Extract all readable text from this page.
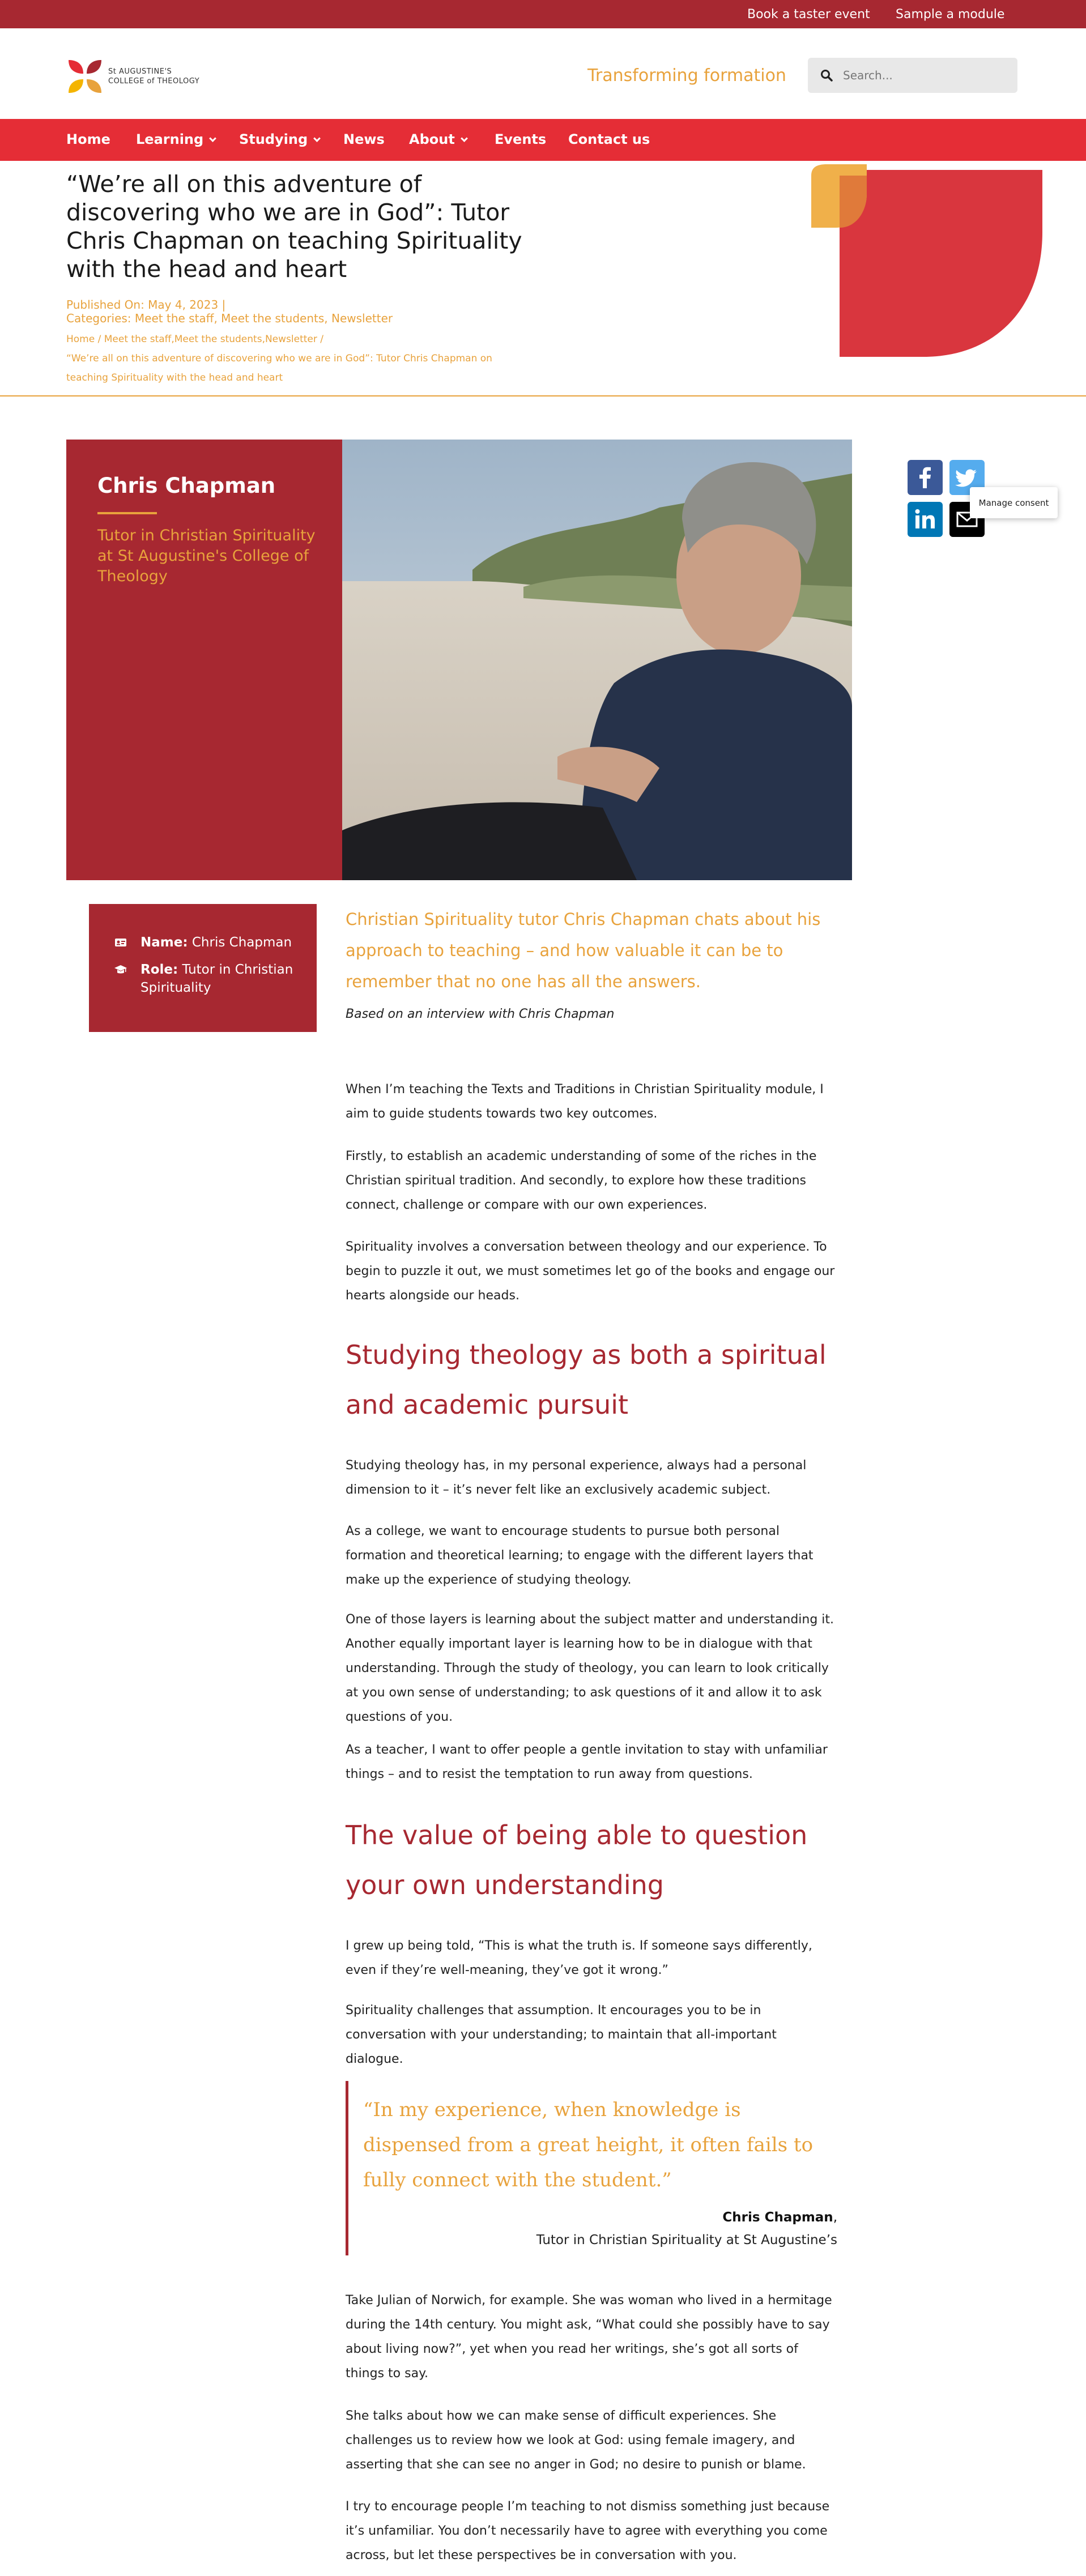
Book a taster event Sample a module
St AUGUSTINE'S
COLLEGE of THEOLOGY	Transforming formation
Search...
Home Learning	Studying	News About	Events Contact us
“We’re all on this adventure of discovering who we are in God”: Tutor Chris Chapman on teaching Spirituality with the head and heart
Published On: May 4, 2023 |
Categories: Meet the staff, Meet the students, Newsletter
Home / Meet the staff,Meet the students,Newsletter /
“We’re all on this adventure of discovering who we are in God”: Tutor Chris Chapman on teaching Spirituality with the head and heart
Chris Chapman
Tutor in Christian Spirituality at St Augustine's College of Theology
Manage consent
Name: Chris Chapman
Role: Tutor in Christian Spirituality
Christian Spirituality tutor Chris Chapman chats about his approach to teaching – and how valuable it can be to remember that no one has all the answers.
Based on an interview with Chris Chapman

When I’m teaching the Texts and Traditions in Christian Spirituality module, I aim to guide students towards two key outcomes.

Firstly, to establish an academic understanding of some of the riches in the Christian spiritual tradition. And secondly, to explore how these traditions connect, challenge or compare with our own experiences.

Spirituality involves a conversation between theology and our experience. To begin to puzzle it out, we must sometimes let go of the books and engage our hearts alongside our heads.

Studying theology as both a spiritual and academic pursuit

Studying theology has, in my personal experience, always had a personal dimension to it – it’s never felt like an exclusively academic subject.

As a college, we want to encourage students to pursue both personal formation and theoretical learning; to engage with the different layers that make up the experience of studying theology.

One of those layers is learning about the subject matter and understanding it. Another equally important layer is learning how to be in dialogue with that understanding. Through the study of theology, you can learn to look critically at you own sense of understanding; to ask questions of it and allow it to ask questions of you.

As a teacher, I want to offer people a gentle invitation to stay with unfamiliar things – and to resist the temptation to run away from questions.

The value of being able to question your own understanding

I grew up being told, “This is what the truth is. If someone says differently, even if they’re well-meaning, they’ve got it wrong.”

Spirituality challenges that assumption. It encourages you to be in conversation with your understanding; to maintain that all-important dialogue.

“In my experience, when knowledge is dispensed from a great height, it often fails to fully connect with the student.”
Chris Chapman,
Tutor in Christian Spirituality at St Augustine’s

Take Julian of Norwich, for example. She was woman who lived in a hermitage during the 14th century. You might ask, “What could she possibly have to say about living now?”, yet when you read her writings, she’s got all sorts of things to say.

She talks about how we can make sense of difficult experiences. She challenges us to review how we look at God: using female imagery, and asserting that she can see no anger in God; no desire to punish or blame.

I try to encourage people I’m teaching to not dismiss something just because it’s unfamiliar. You don’t necessarily have to agree with everything you come across, but let these perspectives be in conversation with you.
